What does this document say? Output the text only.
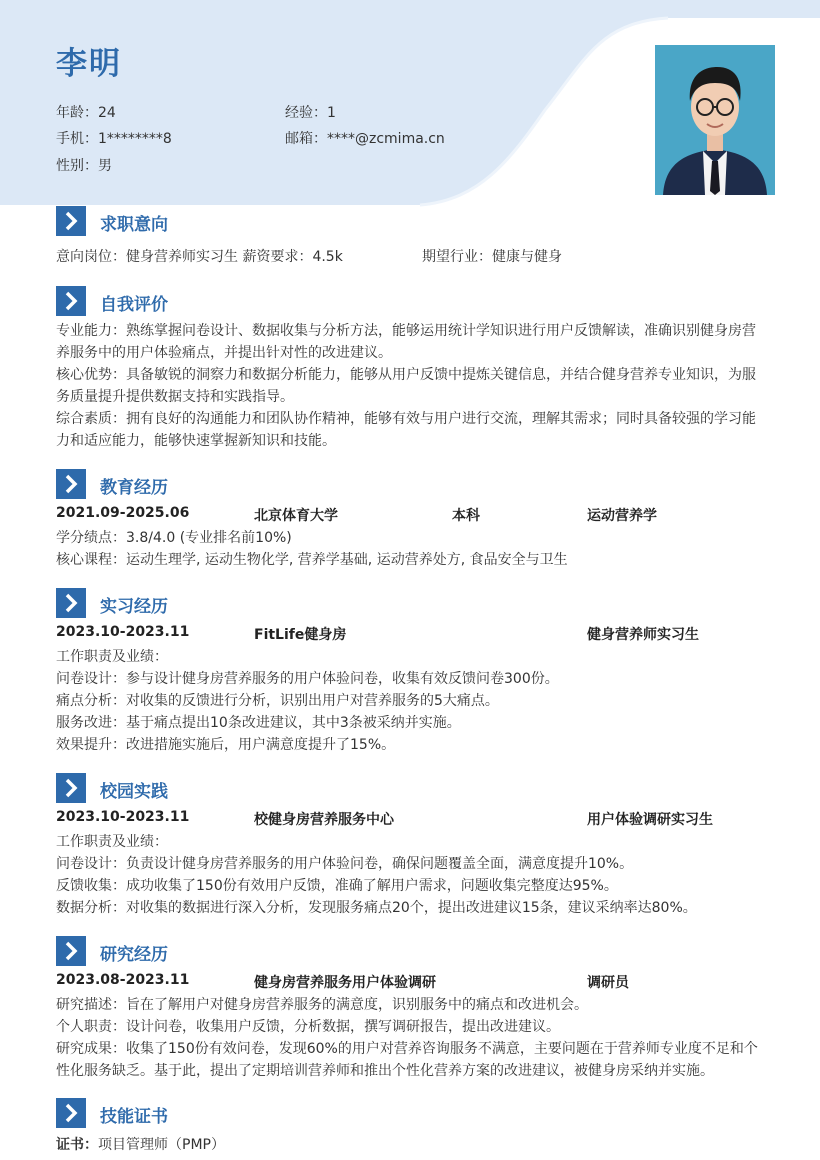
李明
年龄：24	经验：1
手机：1********8	邮箱：****@zcmima.cn
性别：男
求职意向
意向岗位：健身营养师实习生 薪资要求：4.5k	期望行业：健康与健身
自我评价
专业能力：熟练掌握问卷设计、数据收集与分析方法，能够运用统计学知识进行用户反馈解读，准确识别健身房营
养服务中的用户体验痛点，并提出针对性的改进建议。
核心优势：具备敏锐的洞察力和数据分析能力，能够从用户反馈中提炼关键信息，并结合健身营养专业知识，为服
务质量提升提供数据支持和实践指导。
综合素质：拥有良好的沟通能力和团队协作精神，能够有效与用户进行交流，理解其需求；同时具备较强的学习能
力和适应能力，能够快速掌握新知识和技能。
教育经历
2021.09-2025.06	北京体育大学	本科	运动营养学
学分绩点：3.8/4.0 (专业排名前10%)
核心课程：运动生理学, 运动生物化学, 营养学基础, 运动营养处方, 食品安全与卫生
实习经历
2023.10-2023.11	FitLife健身房	健身营养师实习生
工作职责及业绩：
问卷设计：参与设计健身房营养服务的用户体验问卷，收集有效反馈问卷300份。
痛点分析：对收集的反馈进行分析，识别出用户对营养服务的5大痛点。
服务改进：基于痛点提出10条改进建议，其中3条被采纳并实施。
效果提升：改进措施实施后，用户满意度提升了15%。
校园实践
2023.10-2023.11	校健身房营养服务中心	用户体验调研实习生
工作职责及业绩：
问卷设计：负责设计健身房营养服务的用户体验问卷，确保问题覆盖全面，满意度提升10%。
反馈收集：成功收集了150份有效用户反馈，准确了解用户需求，问题收集完整度达95%。
数据分析：对收集的数据进行深入分析，发现服务痛点20个，提出改进建议15条，建议采纳率达80%。
研究经历
2023.08-2023.11	健身房营养服务用户体验调研	调研员
研究描述：旨在了解用户对健身房营养服务的满意度，识别服务中的痛点和改进机会。
个人职责：设计问卷，收集用户反馈，分析数据，撰写调研报告，提出改进建议。
研究成果：收集了150份有效问卷，发现60%的用户对营养咨询服务不满意，主要问题在于营养师专业度不足和个
性化服务缺乏。基于此，提出了定期培训营养师和推出个性化营养方案的改进建议，被健身房采纳并实施。
技能证书
证书：项目管理师（PMP）
